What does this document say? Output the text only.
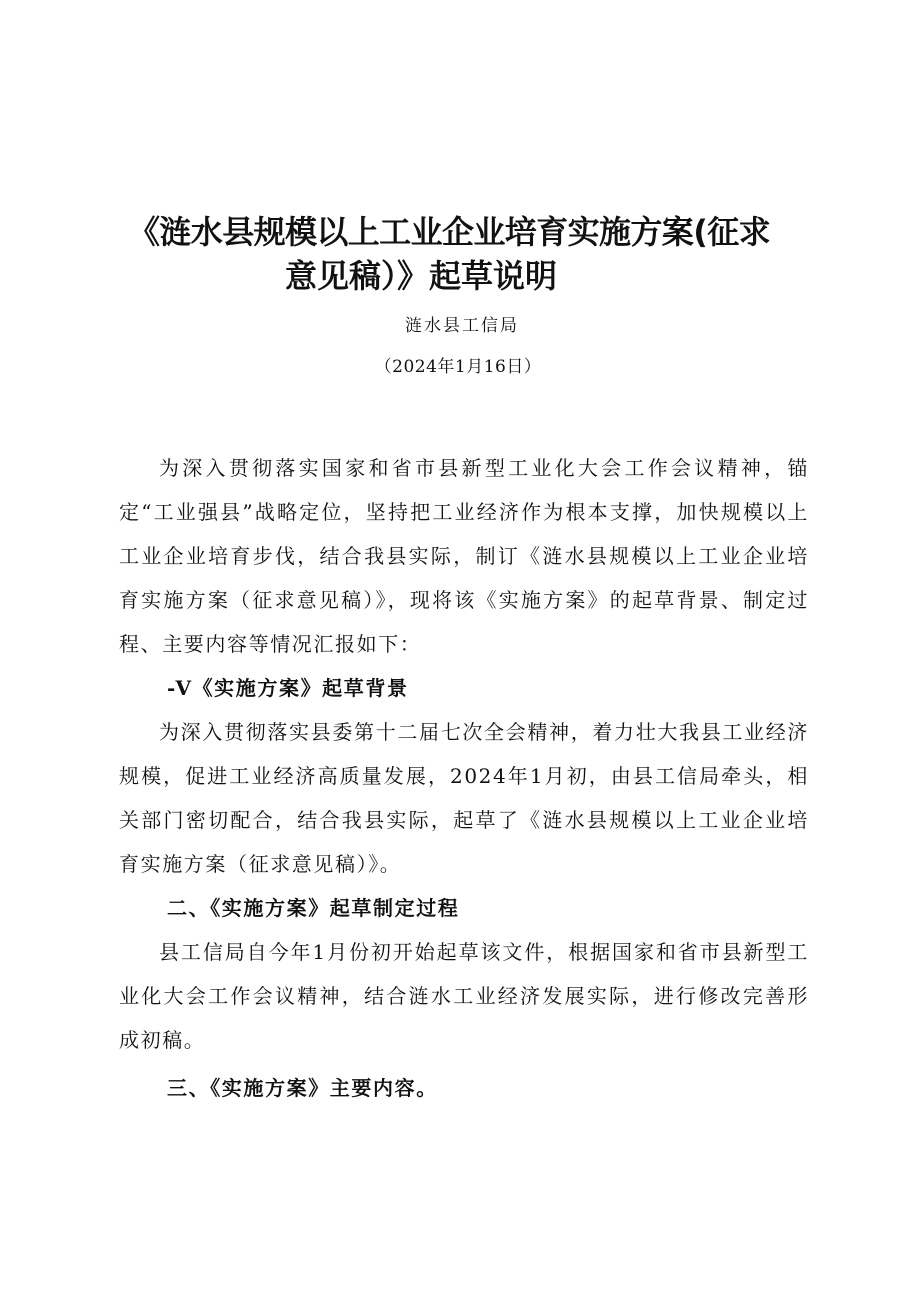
《涟水县规模以上工业企业培育实施方案(征求
意见稿）》起草说明
涟水县工信局
（2024年1月16日）

为深入贯彻落实国家和省市县新型工业化大会工作会议精神，锚定“工业强县”战略定位，坚持把工业经济作为根本支撑，加快规模以上工业企业培育步伐，结合我县实际，制订《涟水县规模以上工业企业培育实施方案（征求意见稿）》，现将该《实施方案》的起草背景、制定过程、主要内容等情况汇报如下：

-V《实施方案》起草背景

为深入贯彻落实县委第十二届七次全会精神，着力壮大我县工业经济规模，促进工业经济高质量发展，2024年1月初，由县工信局牵头，相关部门密切配合，结合我县实际，起草了《涟水县规模以上工业企业培育实施方案（征求意见稿）》。

二、《实施方案》起草制定过程

县工信局自今年1月份初开始起草该文件，根据国家和省市县新型工业化大会工作会议精神，结合涟水工业经济发展实际，进行修改完善形成初稿。

三、《实施方案》主要内容。
